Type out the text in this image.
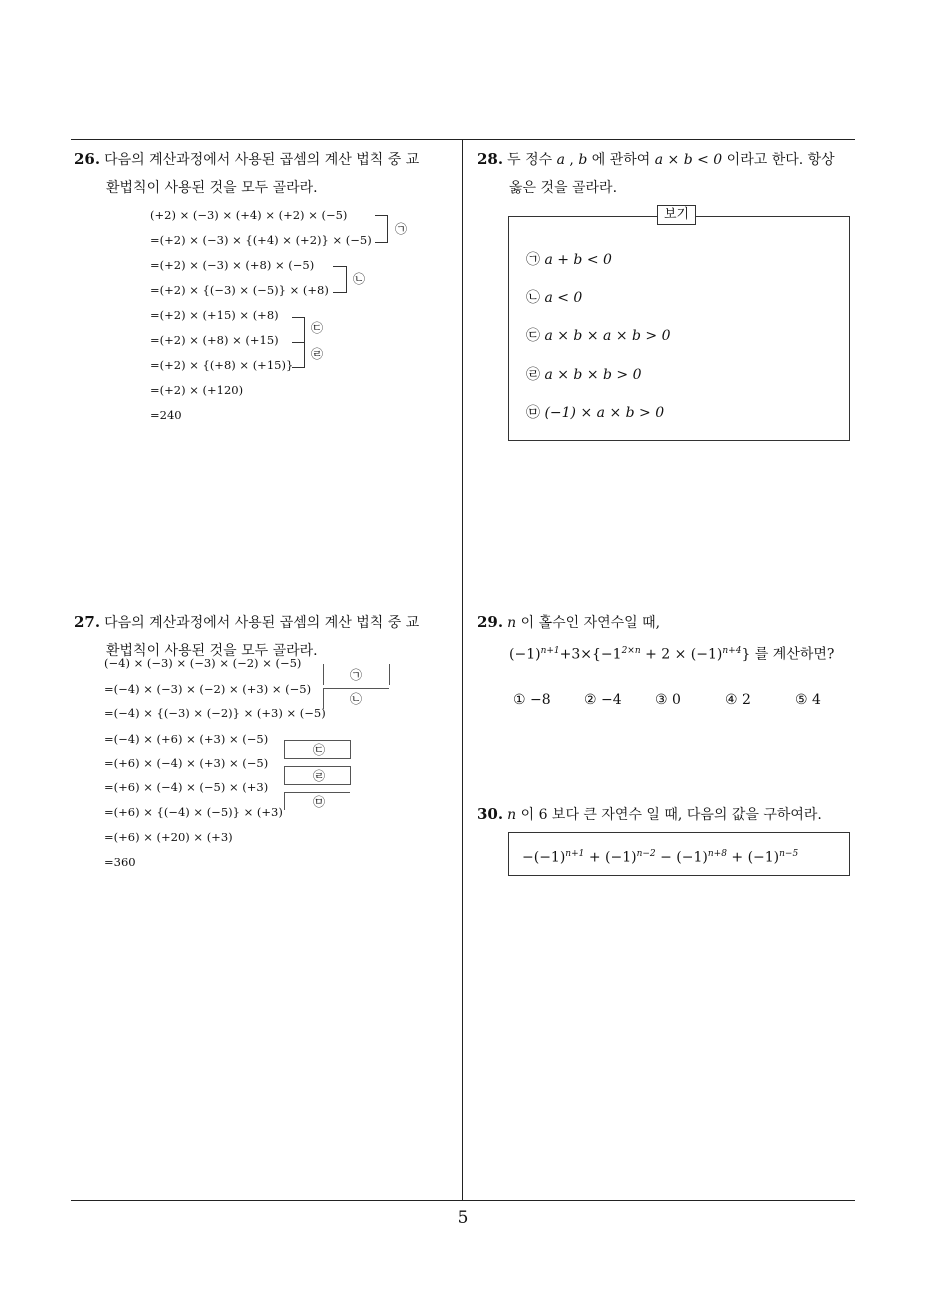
26. 다음의 계산과정에서 사용된 곱셈의 계산 법칙 중 교
환법칙이 사용된 것을 모두 골라라.
(+2) × (−3) × (+4) × (+2) × (−5)
=(+2) × (−3) × {(+4) × (+2)} × (−5)
=(+2) × (−3) × (+8) × (−5)
=(+2) × {(−3) × (−5)} × (+8)
=(+2) × (+15) × (+8)
=(+2) × (+8) × (+15)
=(+2) × {(+8) × (+15)}
=(+2) × (+120)
=240
㉠
㉡
㉢
㉣
27. 다음의 계산과정에서 사용된 곱셈의 계산 법칙 중 교
환법칙이 사용된 것을 모두 골라라.
(−4) × (−3) × (−3) × (−2) × (−5)
=(−4) × (−3) × (−2) × (+3) × (−5)
=(−4) × {(−3) × (−2)} × (+3) × (−5)
=(−4) × (+6) × (+3) × (−5)
=(+6) × (−4) × (+3) × (−5)
=(+6) × (−4) × (−5) × (+3)
=(+6) × {(−4) × (−5)} × (+3)
=(+6) × (+20) × (+3)
=360
㉠
㉡
㉢
㉣
㉤
28. 두 정수 a , b 에 관하여 a × b < 0 이라고 한다. 항상
옳은 것을 골라라.
보기
㉠ a + b < 0
㉡ a < 0
㉢ a × b × a × b > 0
㉣ a × b × b > 0
㉤ (−1) × a × b > 0
29. n 이 홀수인 자연수일 때,
$(-1)^{n+1}+3\times\{-1^{2\times n} + 2 \times (-1)^{n+4}\}$ 를 계산하면?
① −8 ② −4 ③ 0	④ 2	⑤ 4
30. n 이 6 보다 큰 자연수 일 때, 다음의 값을 구하여라.
$-(-1)^{n+1} + (-1)^{n-2} - (-1)^{n+8} + (-1)^{n-5}$
5
